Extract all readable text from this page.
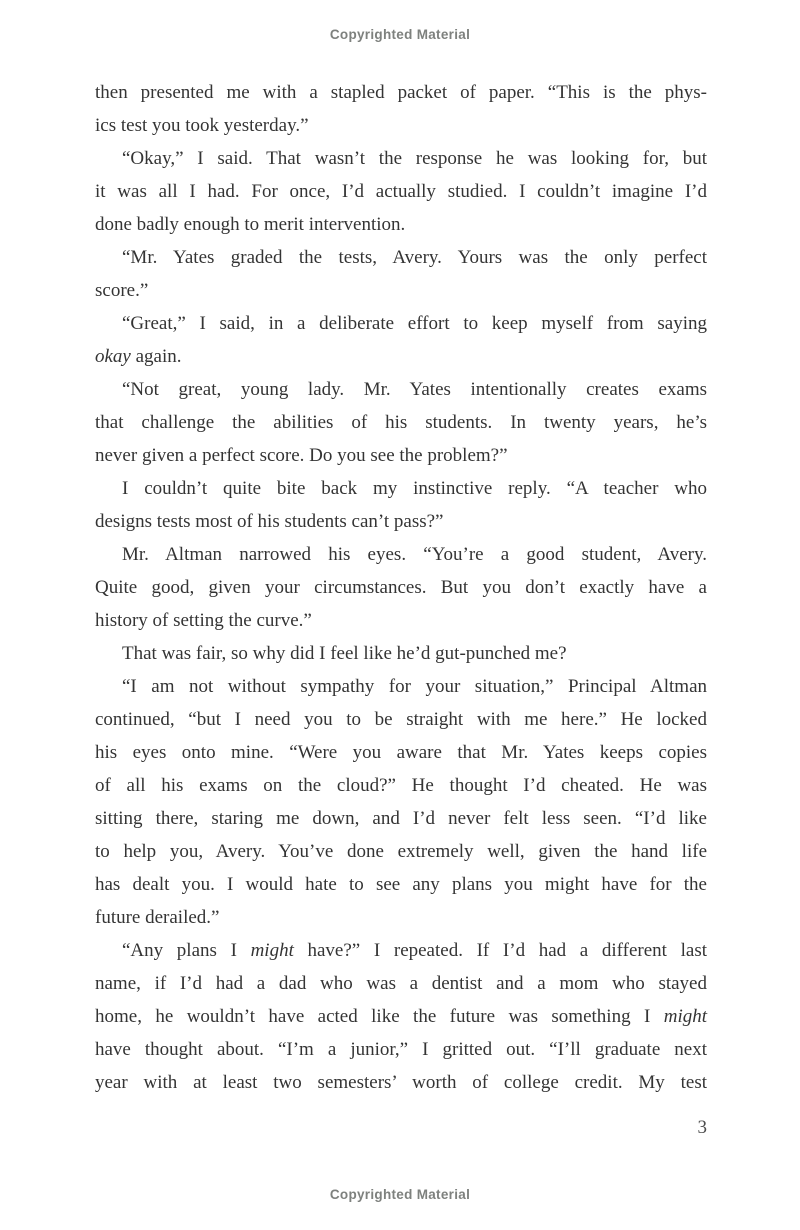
Copyrighted Material
then presented me with a stapled packet of paper. “This is the phys-
ics test you took yesterday.”
“Okay,” I said. That wasn’t the response he was looking for, but
it was all I had. For once, I’d actually studied. I couldn’t imagine I’d
done badly enough to merit intervention.
“Mr. Yates graded the tests, Avery. Yours was the only perfect
score.”
“Great,” I said, in a deliberate effort to keep myself from saying
okay again.
“Not great, young lady. Mr. Yates intentionally creates exams
that challenge the abilities of his students. In twenty years, he’s
never given a perfect score. Do you see the problem?”
I couldn’t quite bite back my instinctive reply. “A teacher who
designs tests most of his students can’t pass?”
Mr. Altman narrowed his eyes. “You’re a good student, Avery.
Quite good, given your circumstances. But you don’t exactly have a
history of setting the curve.”
That was fair, so why did I feel like he’d gut-punched me?
“I am not without sympathy for your situation,” Principal Altman
continued, “but I need you to be straight with me here.” He locked
his eyes onto mine. “Were you aware that Mr. Yates keeps copies
of all his exams on the cloud?” He thought I’d cheated. He was
sitting there, staring me down, and I’d never felt less seen. “I’d like
to help you, Avery. You’ve done extremely well, given the hand life
has dealt you. I would hate to see any plans you might have for the
future derailed.”
“Any plans I might have?” I repeated. If I’d had a different last
name, if I’d had a dad who was a dentist and a mom who stayed
home, he wouldn’t have acted like the future was something I might
have thought about. “I’m a junior,” I gritted out. “I’ll graduate next
year with at least two semesters’ worth of college credit. My test
3
Copyrighted Material
